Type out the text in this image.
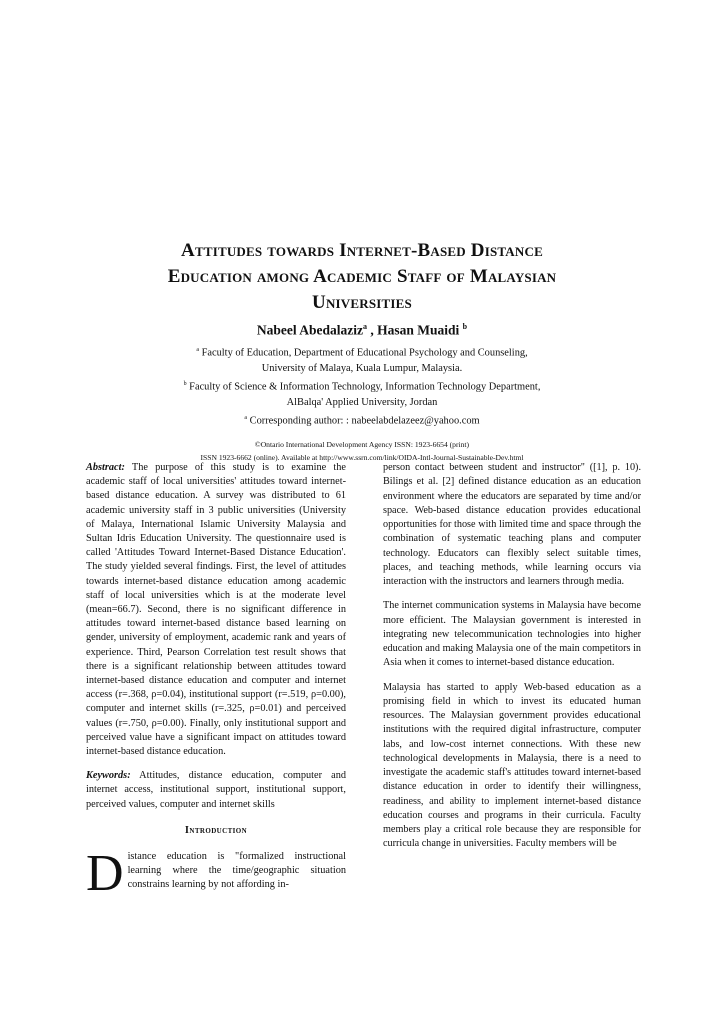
Attitudes towards Internet-Based Distance
Education among Academic Staff of Malaysian
Universities
Nabeel Abedalaziz$^a$ , Hasan Muaidi $^b$
$^a$ Faculty of Education, Department of Educational Psychology and Counseling,
University of Malaya, Kuala Lumpur, Malaysia.
$^b$ Faculty of Science & Information Technology, Information Technology Department,
AlBalqa' Applied University, Jordan
$^a$ Corresponding author: : nabeelabdelazeez@yahoo.com
©Ontario International Development Agency ISSN: 1923-6654 (print)
ISSN 1923-6662 (online). Available at http://www.ssrn.com/link/OIDA-Intl-Journal-Sustainable-Dev.html

Abstract: The purpose of this study is to examine the academic staff of local universities' attitudes toward internet-based distance education. A survey was distributed to 61 academic university staff in 3 public universities (University of Malaya, International Islamic University Malaysia and Sultan Idris Education University. The questionnaire used is called 'Attitudes Toward Internet-Based Distance Education'. The study yielded several findings. First, the level of attitudes towards internet-based distance education among academic staff of local universities which is at the moderate level (mean=66.7). Second, there is no significant difference in attitudes toward internet-based distance based learning on gender, university of employment, academic rank and years of experience. Third, Pearson Correlation test result shows that there is a significant relationship between attitudes toward internet-based distance education and computer and internet access (r=.368, ρ=0.04), institutional support (r=.519, ρ=0.00), computer and internet skills (r=.325, ρ=0.01) and perceived values (r=.750, ρ=0.00). Finally, only institutional support and perceived value have a significant impact on attitudes toward internet-based distance education.

Keywords: Attitudes, distance education, computer and internet access, institutional support, institutional support, perceived values, computer and internet skills

Introduction

Distance education is "formalized instructional learning where the time/geographic situation constrains learning by not affording in-

person contact between student and instructor" ([1], p. 10). Bilings et al. [2] defined distance education as an education environment where the educators are separated by time and/or space. Web-based distance education provides educational opportunities for those with limited time and space through the combination of systematic teaching plans and computer technology. Educators can flexibly select suitable times, places, and teaching methods, while learning occurs via interaction with the instructors and learners through media.

The internet communication systems in Malaysia have become more efficient. The Malaysian government is interested in integrating new telecommunication technologies into higher education and making Malaysia one of the main competitors in Asia when it comes to internet-based distance education.

Malaysia has started to apply Web-based education as a promising field in which to invest its educated human resources. The Malaysian government provides educational institutions with the required digital infrastructure, computer labs, and low-cost internet connections. With these new technological developments in Malaysia, there is a need to investigate the academic staff's attitudes toward internet-based distance education in order to identify their willingness, readiness, and ability to implement internet-based distance education courses and programs in their curricula. Faculty members play a critical role because they are responsible for curricula change in universities. Faculty members will be
